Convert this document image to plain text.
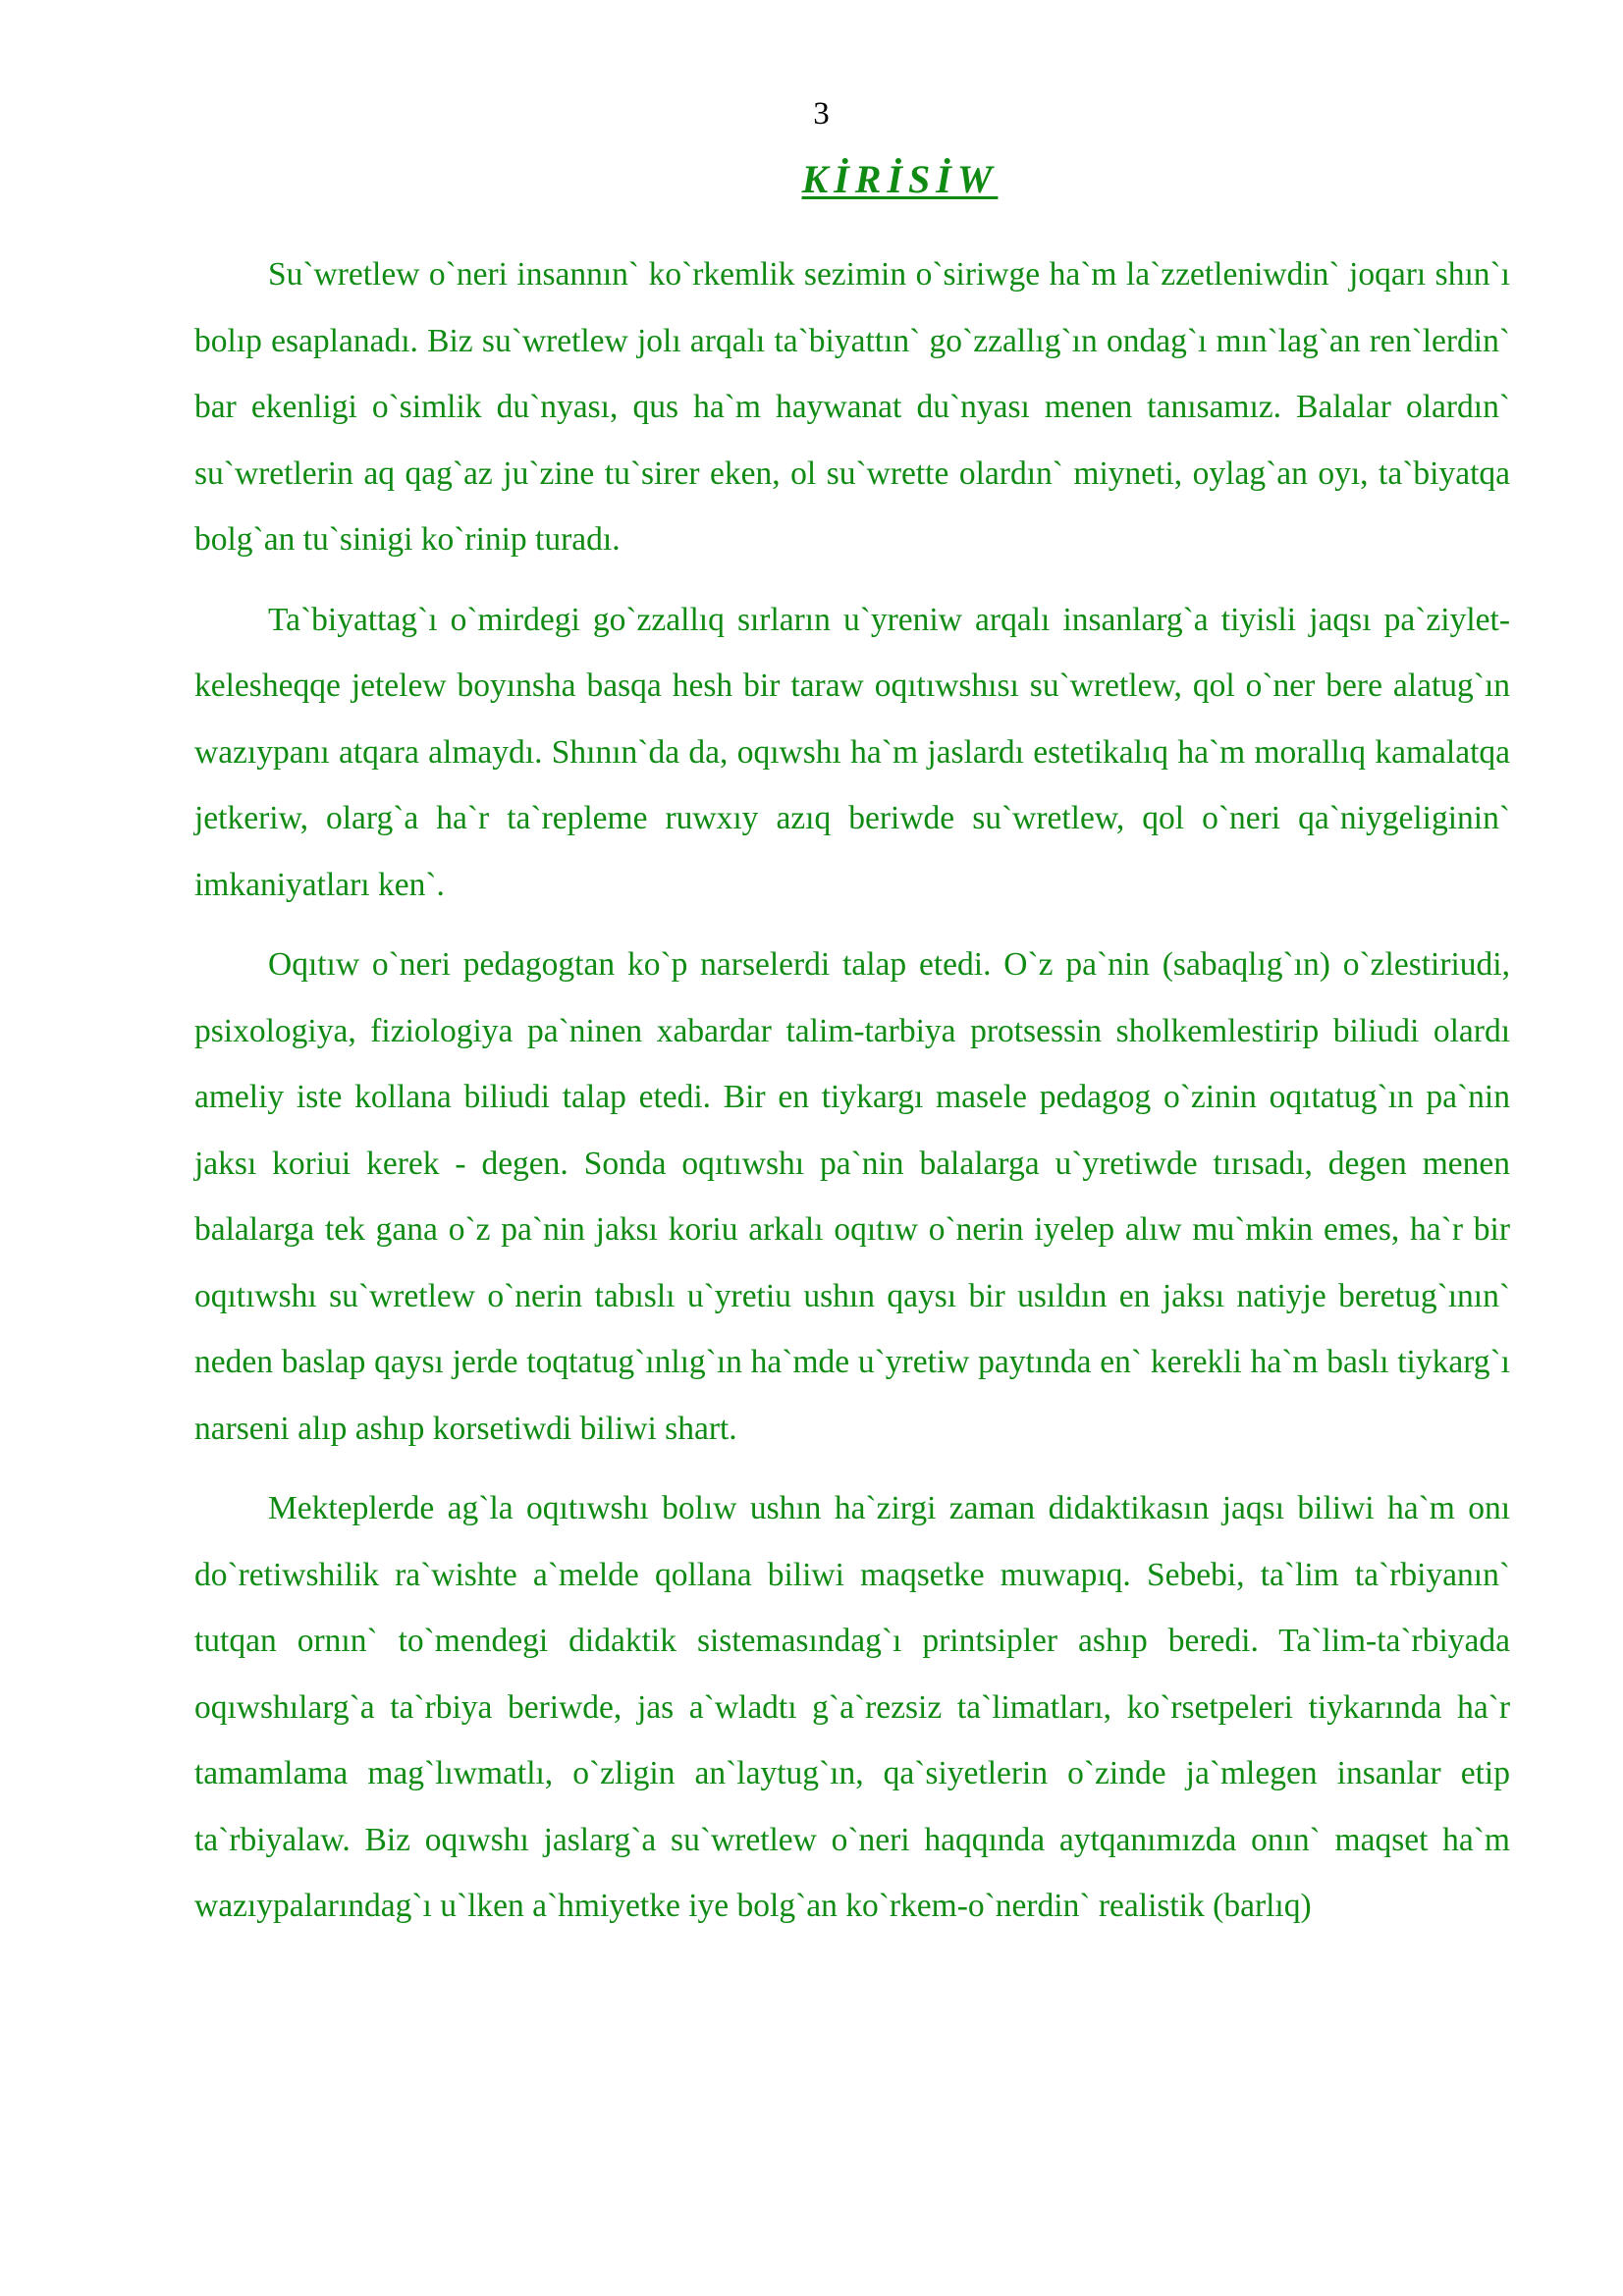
3
KİRİSİW

Su`wretlew o`neri insannın` ko`rkemlik sezimin o`siriwge ha`m la`zzetleniwdin` joqarı shın`ı bolıp esaplanadı. Biz su`wretlew jolı arqalı ta`biyattın` go`zzallıg`ın ondag`ı mın`lag`an ren`lerdin` bar ekenligi o`simlik du`nyası, qus ha`m haywanat du`nyası menen tanısamız. Balalar olardın` su`wretlerin aq qag`az ju`zine tu`sirer eken, ol su`wrette olardın` miyneti, oylag`an oyı, ta`biyatqa bolg`an tu`sinigi ko`rinip turadı.

Ta`biyattag`ı o`mirdegi go`zzallıq sırların u`yreniw arqalı insanlarg`a tiyisli jaqsı pa`ziylet-kelesheqqe jetelew boyınsha basqa hesh bir taraw oqıtıwshısı su`wretlew, qol o`ner bere alatug`ın wazıypanı atqara almaydı. Shının`da da, oqıwshı ha`m jaslardı estetikalıq ha`m morallıq kamalatqa jetkeriw, olarg`a ha`r ta`repleme ruwxıy azıq beriwde su`wretlew, qol o`neri qa`niygeliginin` imkaniyatları ken`.

Oqıtıw o`neri pedagogtan ko`p narselerdi talap etedi. O`z pa`nin (sabaqlıg`ın) o`zlestiriudi, psixologiya, fiziologiya pa`ninen xabardar talim-tarbiya protsessin sholkemlestirip biliudi olardı ameliy iste kollana biliudi talap etedi. Bir en tiykargı masele pedagog o`zinin oqıtatug`ın pa`nin jaksı koriui kerek - degen. Sonda oqıtıwshı pa`nin balalarga u`yretiwde tırısadı, degen menen balalarga tek gana o`z pa`nin jaksı koriu arkalı oqıtıw o`nerin iyelep alıw mu`mkin emes, ha`r bir oqıtıwshı su`wretlew o`nerin tabıslı u`yretiu ushın qaysı bir usıldın en jaksı natiyje beretug`ının` neden baslap qaysı jerde toqtatug`ınlıg`ın ha`mde u`yretiw paytında en` kerekli ha`m baslı tiykarg`ı narseni alıp ashıp korsetiwdi biliwi shart.

Mekteplerde ag`la oqıtıwshı bolıw ushın ha`zirgi zaman didaktikasın jaqsı biliwi ha`m onı do`retiwshilik ra`wishte a`melde qollana biliwi maqsetke muwapıq. Sebebi, ta`lim ta`rbiyanın` tutqan ornın` to`mendegi didaktik sistemasındag`ı printsipler ashıp beredi. Ta`lim-ta`rbiyada oqıwshılarg`a ta`rbiya beriwde, jas a`wladtı g`a`rezsiz ta`limatları, ko`rsetpeleri tiykarında ha`r tamamlama mag`lıwmatlı, o`zligin an`laytug`ın, qa`siyetlerin o`zinde ja`mlegen insanlar etip ta`rbiyalaw. Biz oqıwshı jaslarg`a su`wretlew o`neri haqqında aytqanımızda onın` maqset ha`m wazıypalarındag`ı u`lken a`hmiyetke iye bolg`an ko`rkem-o`nerdin` realistik (barlıq)
